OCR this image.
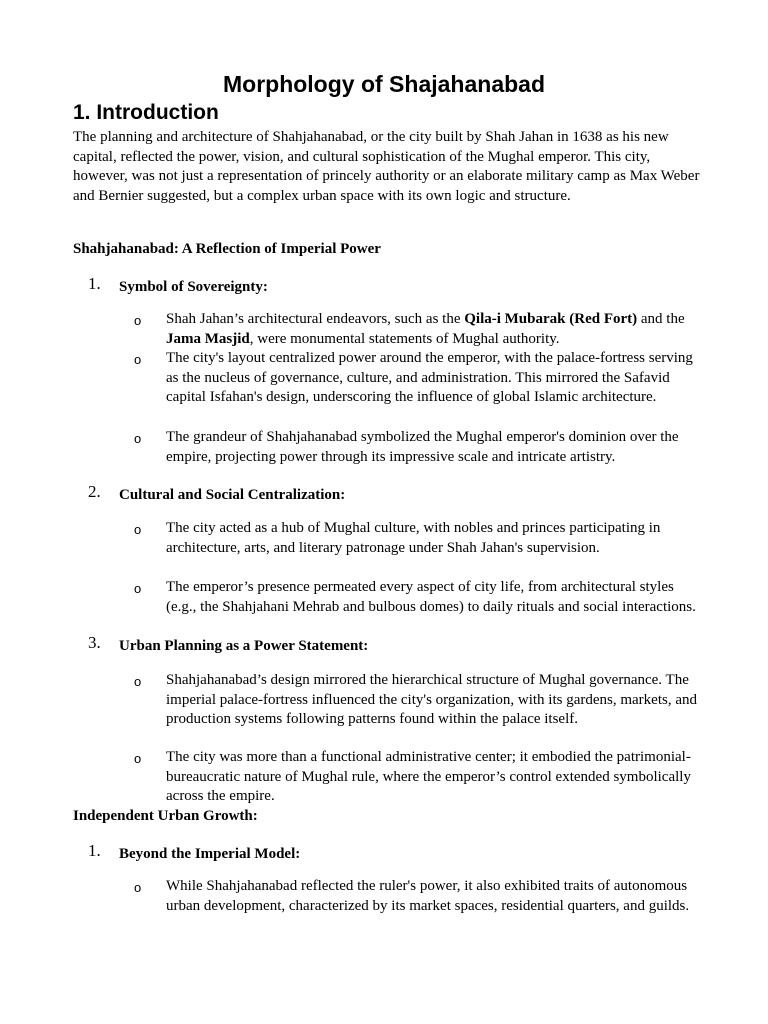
Morphology of Shajahanabad
1. Introduction

The planning and architecture of Shahjahanabad, or the city built by Shah Jahan in 1638 as his new capital, reflected the power, vision, and cultural sophistication of the Mughal emperor. This city, however, was not just a representation of princely authority or an elaborate military camp as Max Weber and Bernier suggested, but a complex urban space with its own logic and structure.

Shahjahanabad: A Reflection of Imperial Power

1. Symbol of Sovereignty:
o Shah Jahan’s architectural endeavors, such as the Qila-i Mubarak (Red Fort) and the Jama Masjid, were monumental statements of Mughal authority.

o The city's layout centralized power around the emperor, with the palace-fortress serving as the nucleus of governance, culture, and administration. This mirrored the Safavid capital Isfahan's design, underscoring the influence of global Islamic architecture.

o The grandeur of Shahjahanabad symbolized the Mughal emperor's dominion over the empire, projecting power through its impressive scale and intricate artistry.

2. Cultural and Social Centralization:
o The city acted as a hub of Mughal culture, with nobles and princes participating in architecture, arts, and literary patronage under Shah Jahan's supervision.

o The emperor’s presence permeated every aspect of city life, from architectural styles (e.g., the Shahjahani Mehrab and bulbous domes) to daily rituals and social interactions.

3. Urban Planning as a Power Statement:
o Shahjahanabad’s design mirrored the hierarchical structure of Mughal governance. The imperial palace-fortress influenced the city's organization, with its gardens, markets, and production systems following patterns found within the palace itself.

o The city was more than a functional administrative center; it embodied the patrimonial-bureaucratic nature of Mughal rule, where the emperor’s control extended symbolically across the empire.

Independent Urban Growth:

1. Beyond the Imperial Model:
o While Shahjahanabad reflected the ruler's power, it also exhibited traits of autonomous urban development, characterized by its market spaces, residential quarters, and guilds.
